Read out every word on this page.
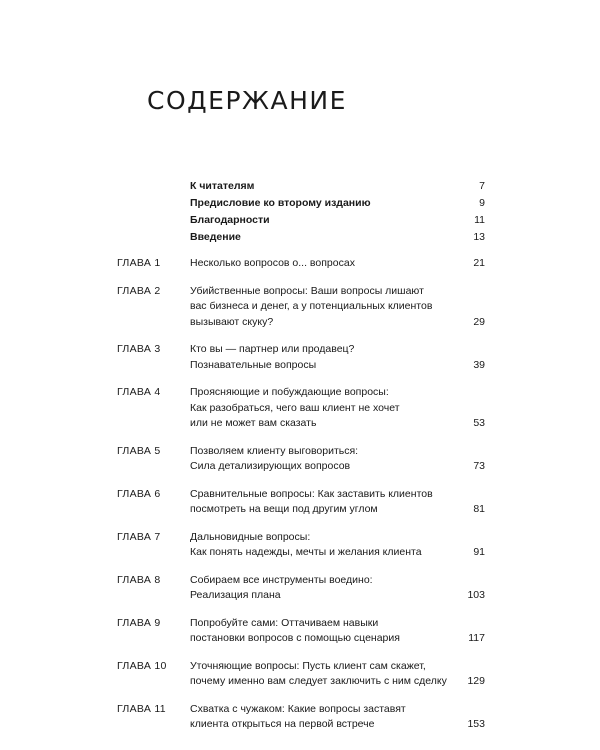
СОДЕРЖАНИЕ
К читателям	7
Предисловие ко второму изданию	9
Благодарности	11
Введение	13
ГЛАВА 1	Несколько вопросов о... вопросах	21
ГЛАВА 2	Убийственные вопросы: Ваши вопросы лишают
вас бизнеса и денег, а у потенциальных клиентов
вызывают скуку?	29
ГЛАВА 3	Кто вы — партнер или продавец?
Познавательные вопросы	39
ГЛАВА 4	Проясняющие и побуждающие вопросы:
Как разобраться, чего ваш клиент не хочет
или не может вам сказать	53
ГЛАВА 5	Позволяем клиенту выговориться:
Сила детализирующих вопросов	73
ГЛАВА 6	Сравнительные вопросы: Как заставить клиентов
посмотреть на вещи под другим углом	81
ГЛАВА 7	Дальновидные вопросы:
Как понять надежды, мечты и желания клиента	91
ГЛАВА 8	Собираем все инструменты воедино:
Реализация плана	103
ГЛАВА 9	Попробуйте сами: Оттачиваем навыки
постановки вопросов с помощью сценария	117
ГЛАВА 10 Уточняющие вопросы: Пусть клиент сам скажет,
почему именно вам следует заключить с ним сделку 129
ГЛАВА 11 Схватка с чужаком: Какие вопросы заставят
клиента открыться на первой встрече	153
